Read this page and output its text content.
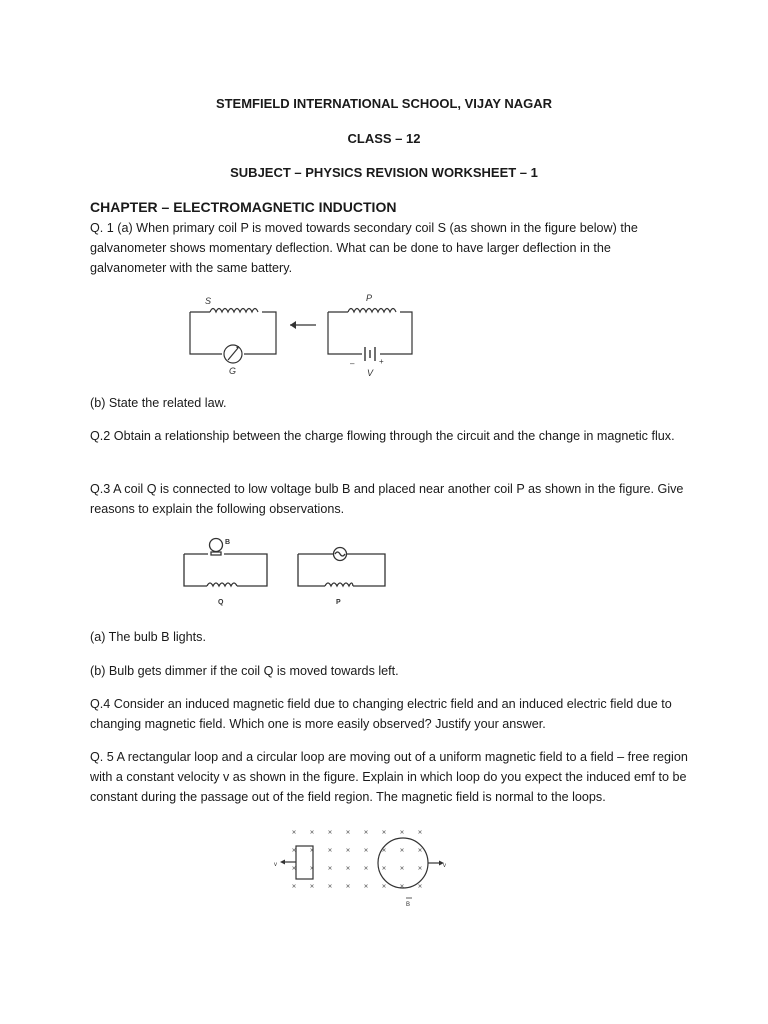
STEMFIELD INTERNATIONAL SCHOOL, VIJAY NAGAR
CLASS – 12
SUBJECT – PHYSICS REVISION WORKSHEET – 1
CHAPTER – ELECTROMAGNETIC INDUCTION
Q. 1 (a) When primary coil P is moved towards secondary coil S (as shown in the figure below) the galvanometer shows momentary deflection. What can be done to have larger deflection in the galvanometer with the same battery.
S
G
P
V
–	+
(b) State the related law.
Q.2 Obtain a relationship between the charge flowing through the circuit and the change in magnetic flux.
Q.3 A coil Q is connected to low voltage bulb B and placed near another coil P as shown in the figure. Give reasons to explain the following observations.
B
Q	P
(a) The bulb B lights.
(b) Bulb gets dimmer if the coil Q is moved towards left.
Q.4 Consider an induced magnetic field due to changing electric field and an induced electric field due to changing magnetic field. Which one is more easily observed? Justify your answer.
Q. 5 A rectangular loop and a circular loop are moving out of a uniform magnetic field to a field – free region with a constant velocity v as shown in the figure. Explain in which loop do you expect the induced emf to be constant during the passage out of the field region. The magnetic field is normal to the loops.
v	v
B
